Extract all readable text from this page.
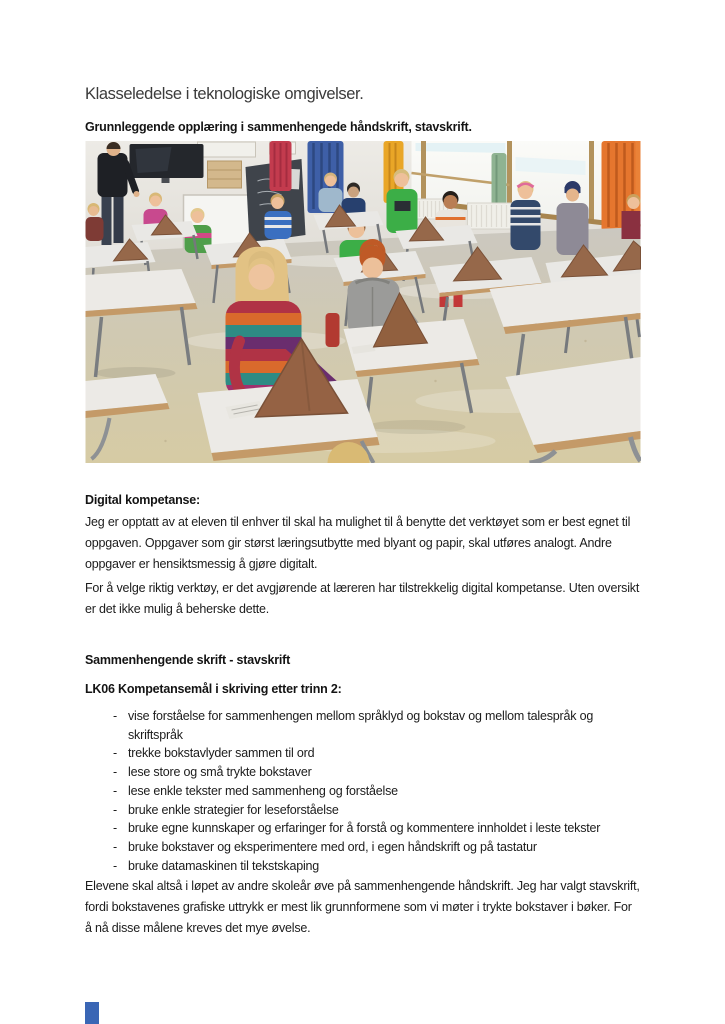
Klasseledelse i teknologiske omgivelser.
Grunnleggende opplæring i sammenhengede håndskrift, stavskrift.
Digital kompetanse:

Jeg er opptatt av at eleven til enhver til skal ha mulighet til å benytte det verktøyet som er best egnet til oppgaven. Oppgaver som gir størst læringsutbytte med blyant og papir, skal utføres analogt. Andre oppgaver er hensiktsmessig å gjøre digitalt.

For å velge riktig verktøy, er det avgjørende at læreren har tilstrekkelig digital kompetanse. Uten oversikt er det ikke mulig å beherske dette.

Sammenhengende skrift - stavskrift
LK06 Kompetansemål i skriving etter trinn 2:
- vise forståelse for sammenhengen mellom språklyd og bokstav og mellom talespråk og skriftspråk
- trekke bokstavlyder sammen til ord
- lese store og små trykte bokstaver
- lese enkle tekster med sammenheng og forståelse
- bruke enkle strategier for leseforståelse
- bruke egne kunnskaper og erfaringer for å forstå og kommentere innholdet i leste tekster
- bruke bokstaver og eksperimentere med ord, i egen håndskrift og på tastatur
- bruke datamaskinen til tekstskaping

Elevene skal altså i løpet av andre skoleår øve på sammenhengende håndskrift. Jeg har valgt stavskrift, fordi bokstavenes grafiske uttrykk er mest lik grunnformene som vi møter i trykte bokstaver i bøker. For å nå disse målene kreves det mye øvelse.
